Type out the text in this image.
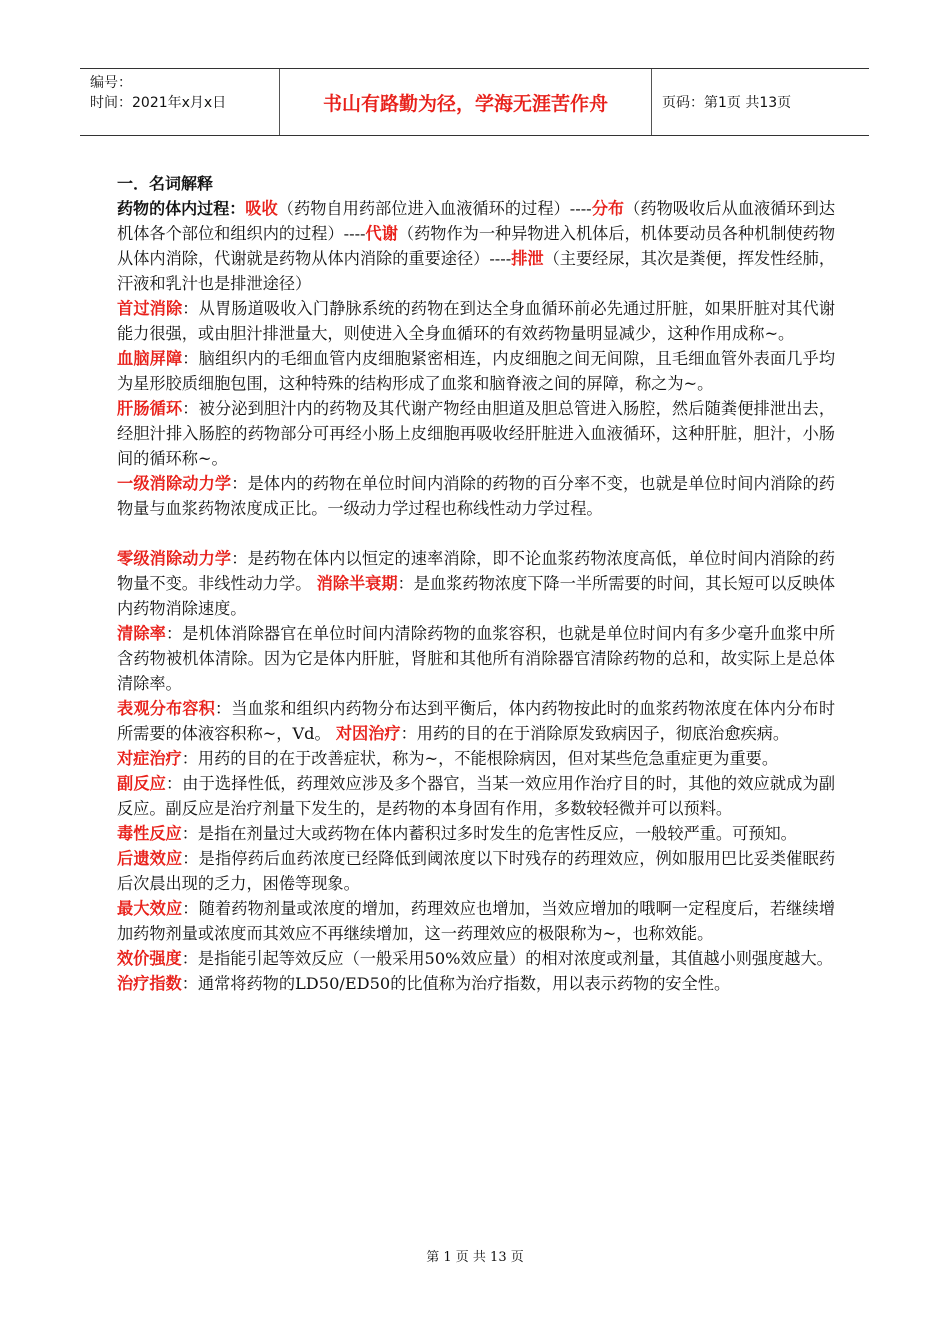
编号：
时间：2021年x月x日	书山有路勤为径，学海无涯苦作舟	页码：第1页 共13页

一．名词解释

药物的体内过程：吸收（药物自用药部位进入血液循环的过程）----分布（药物吸收后从血液循环到达机体各个部位和组织内的过程）----代谢（药物作为一种异物进入机体后，机体要动员各种机制使药物从体内消除，代谢就是药物从体内消除的重要途径）----排泄（主要经尿，其次是粪便，挥发性经肺，汗液和乳汁也是排泄途径）

首过消除：从胃肠道吸收入门静脉系统的药物在到达全身血循环前必先通过肝脏，如果肝脏对其代谢能力很强，或由胆汁排泄量大，则使进入全身血循环的有效药物量明显减少，这种作用成称~。

血脑屏障：脑组织内的毛细血管内皮细胞紧密相连，内皮细胞之间无间隙，且毛细血管外表面几乎均为星形胶质细胞包围，这种特殊的结构形成了血浆和脑脊液之间的屏障，称之为~。

肝肠循环：被分泌到胆汁内的药物及其代谢产物经由胆道及胆总管进入肠腔，然后随粪便排泄出去，经胆汁排入肠腔的药物部分可再经小肠上皮细胞再吸收经肝脏进入血液循环，这种肝脏，胆汁，小肠间的循环称~。

一级消除动力学：是体内的药物在单位时间内消除的药物的百分率不变，也就是单位时间内消除的药物量与血浆药物浓度成正比。一级动力学过程也称线性动力学过程。

零级消除动力学：是药物在体内以恒定的速率消除，即不论血浆药物浓度高低，单位时间内消除的药物量不变。非线性动力学。 消除半衰期：是血浆药物浓度下降一半所需要的时间，其长短可以反映体内药物消除速度。

清除率：是机体消除器官在单位时间内清除药物的血浆容积，也就是单位时间内有多少毫升血浆中所含药物被机体清除。因为它是体内肝脏，肾脏和其他所有消除器官清除药物的总和，故实际上是总体清除率。

表观分布容积：当血浆和组织内药物分布达到平衡后，体内药物按此时的血浆药物浓度在体内分布时所需要的体液容积称~，Vd。 对因治疗：用药的目的在于消除原发致病因子，彻底治愈疾病。

对症治疗：用药的目的在于改善症状，称为~，不能根除病因，但对某些危急重症更为重要。

副反应：由于选择性低，药理效应涉及多个器官，当某一效应用作治疗目的时，其他的效应就成为副反应。副反应是治疗剂量下发生的，是药物的本身固有作用，多数较轻微并可以预料。

毒性反应：是指在剂量过大或药物在体内蓄积过多时发生的危害性反应，一般较严重。可预知。

后遗效应：是指停药后血药浓度已经降低到阈浓度以下时残存的药理效应，例如服用巴比妥类催眠药后次晨出现的乏力，困倦等现象。

最大效应：随着药物剂量或浓度的增加，药理效应也增加，当效应增加的哦啊一定程度后，若继续增加药物剂量或浓度而其效应不再继续增加，这一药理效应的极限称为~，也称效能。

效价强度：是指能引起等效反应（一般采用50%效应量）的相对浓度或剂量，其值越小则强度越大。

治疗指数：通常将药物的LD50/ED50的比值称为治疗指数，用以表示药物的安全性。

第 1 页 共 13 页
